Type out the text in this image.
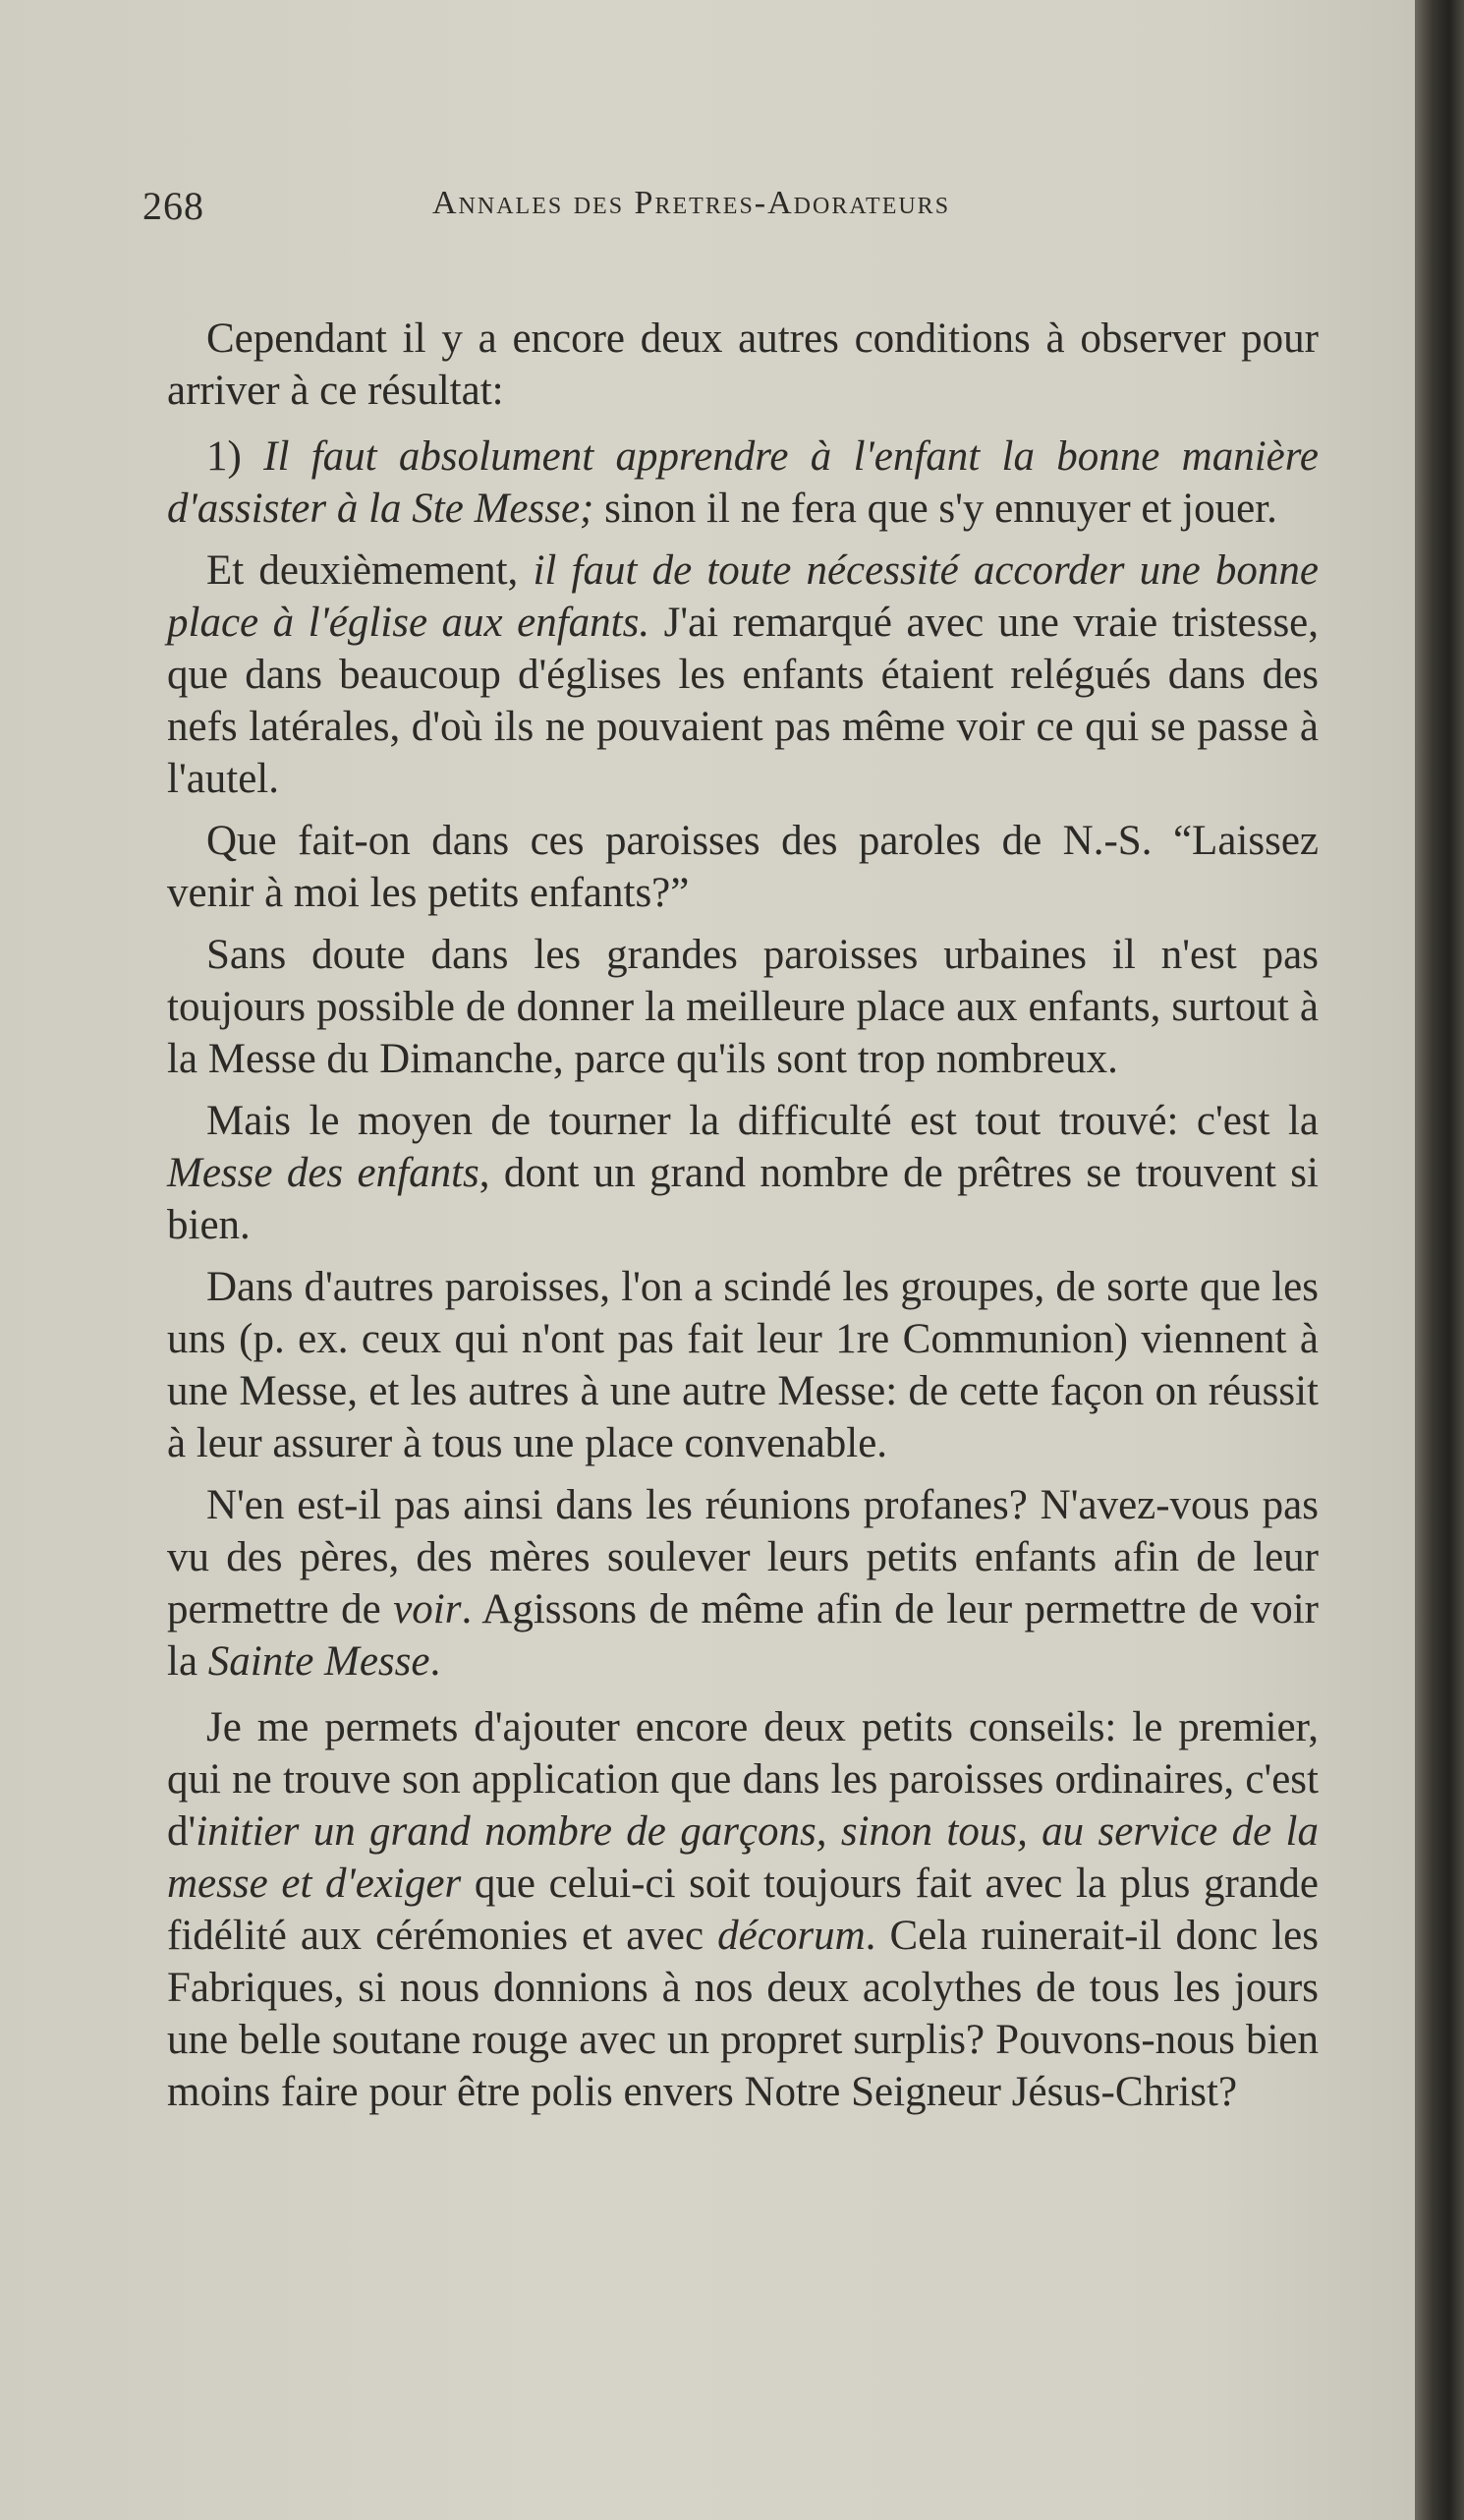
268	Annales des Pretres-Adorateurs

Cependant il y a encore deux autres conditions à observer pour arriver à ce résultat:

1) Il faut absolument apprendre à l'enfant la bonne manière d'assister à la Ste Messe; sinon il ne fera que s'y ennuyer et jouer.

Et deuxièmement, il faut de toute nécessité accorder une bonne place à l'église aux enfants. J'ai remarqué avec une vraie tristesse, que dans beaucoup d'églises les enfants étaient relégués dans des nefs latérales, d'où ils ne pouvaient pas même voir ce qui se passe à l'autel.

Que fait-on dans ces paroisses des paroles de N.-S. “Laissez venir à moi les petits enfants?”

Sans doute dans les grandes paroisses urbaines il n'est pas toujours possible de donner la meilleure place aux enfants, surtout à la Messe du Dimanche, parce qu'ils sont trop nombreux.

Mais le moyen de tourner la difficulté est tout trouvé: c'est la Messe des enfants, dont un grand nombre de prêtres se trouvent si bien.

Dans d'autres paroisses, l'on a scindé les groupes, de sorte que les uns (p. ex. ceux qui n'ont pas fait leur 1re Communion) viennent à une Messe, et les autres à une autre Messe: de cette façon on réussit à leur assurer à tous une place convenable.

N'en est-il pas ainsi dans les réunions profanes? N'avez-vous pas vu des pères, des mères soulever leurs petits enfants afin de leur permettre de voir. Agissons de même afin de leur permettre de voir la Sainte Messe.

Je me permets d'ajouter encore deux petits conseils: le premier, qui ne trouve son application que dans les paroisses ordinaires, c'est d'initier un grand nombre de garçons, sinon tous, au service de la messe et d'exiger que celui-ci soit toujours fait avec la plus grande fidélité aux cérémonies et avec décorum. Cela ruinerait-il donc les Fabriques, si nous donnions à nos deux acolythes de tous les jours une belle soutane rouge avec un propret surplis? Pouvons-nous bien moins faire pour être polis envers Notre Seigneur Jésus-Christ?
